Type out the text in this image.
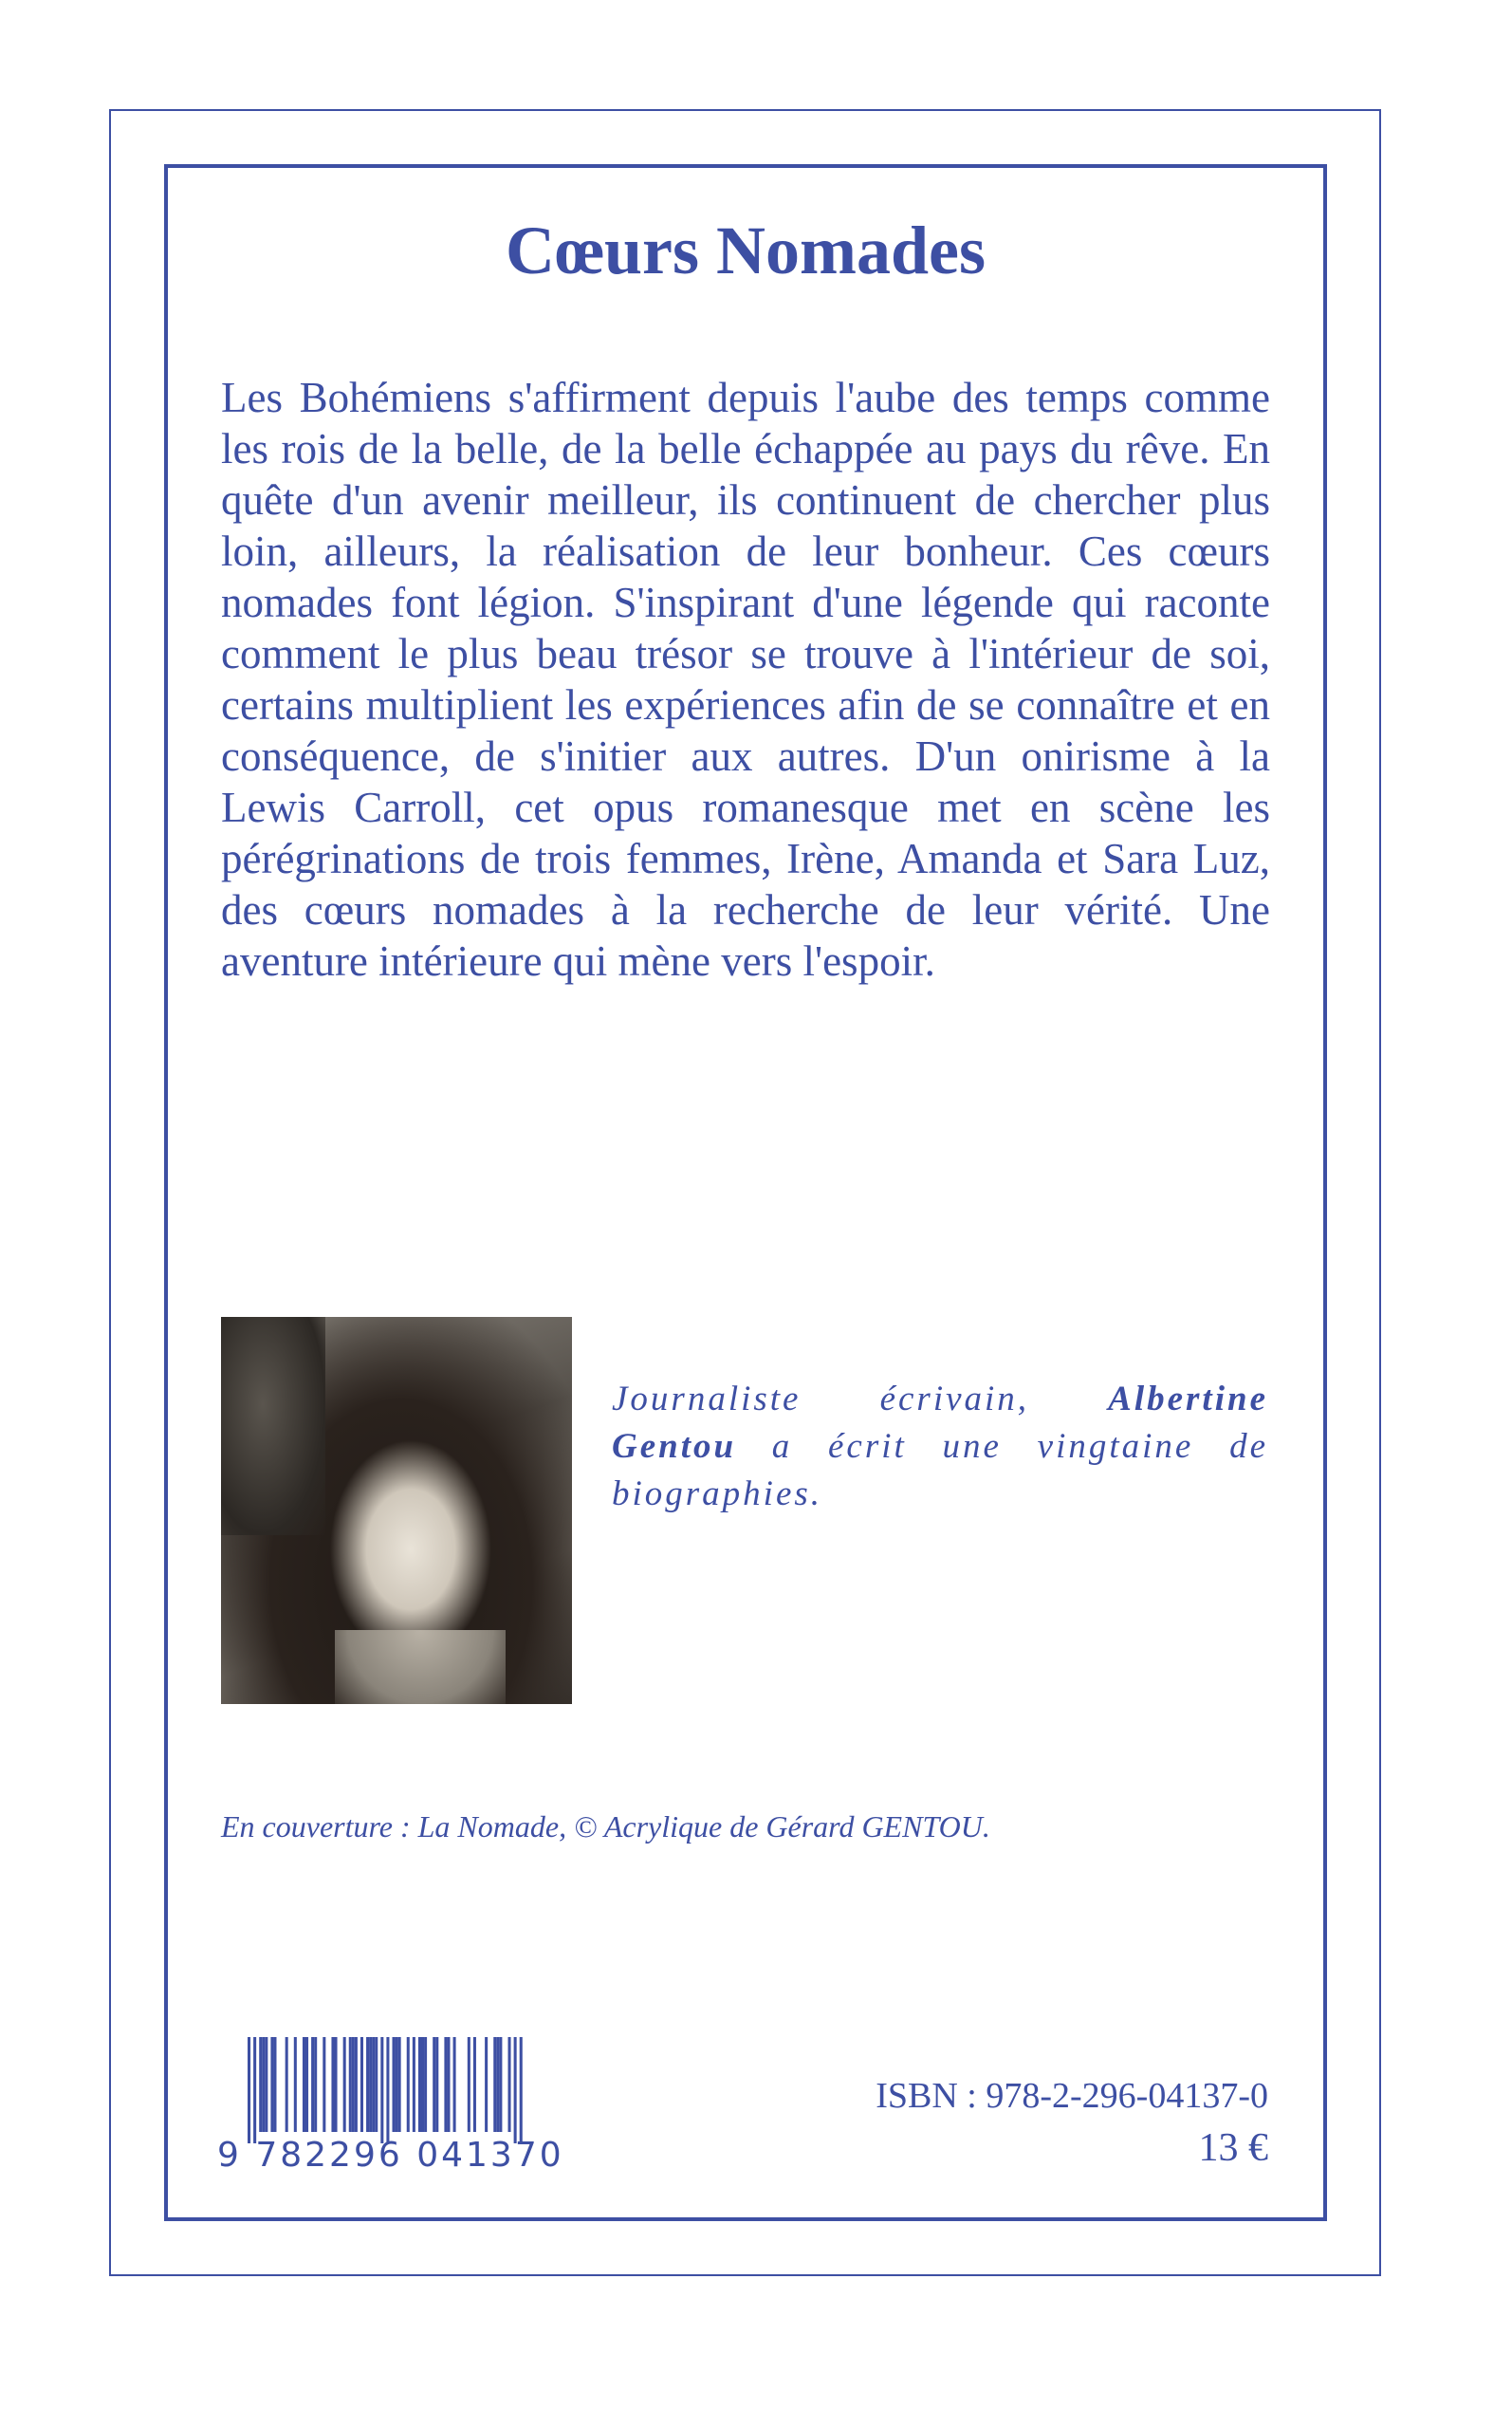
Cœurs Nomades

Les Bohémiens s'affirment depuis l'aube des temps comme les rois de la belle, de la belle échappée au pays du rêve. En quête d'un avenir meilleur, ils continuent de chercher plus loin, ailleurs, la réalisation de leur bonheur. Ces cœurs nomades font légion. S'inspirant d'une légende qui raconte comment le plus beau trésor se trouve à l'intérieur de soi, certains multiplient les expériences afin de se connaître et en conséquence, de s'initier aux autres. D'un onirisme à la Lewis Carroll, cet opus romanesque met en scène les pérégrinations de trois femmes, Irène, Amanda et Sara Luz, des cœurs nomades à la recherche de leur vérité. Une aventure intérieure qui mène vers l'espoir.

Journaliste écrivain, Albertine Gentou a écrit une vingtaine de biographies.

En couverture : La Nomade, © Acrylique de Gérard GENTOU.

9 782296 041370

ISBN : 978-2-296-04137-0

13 €
